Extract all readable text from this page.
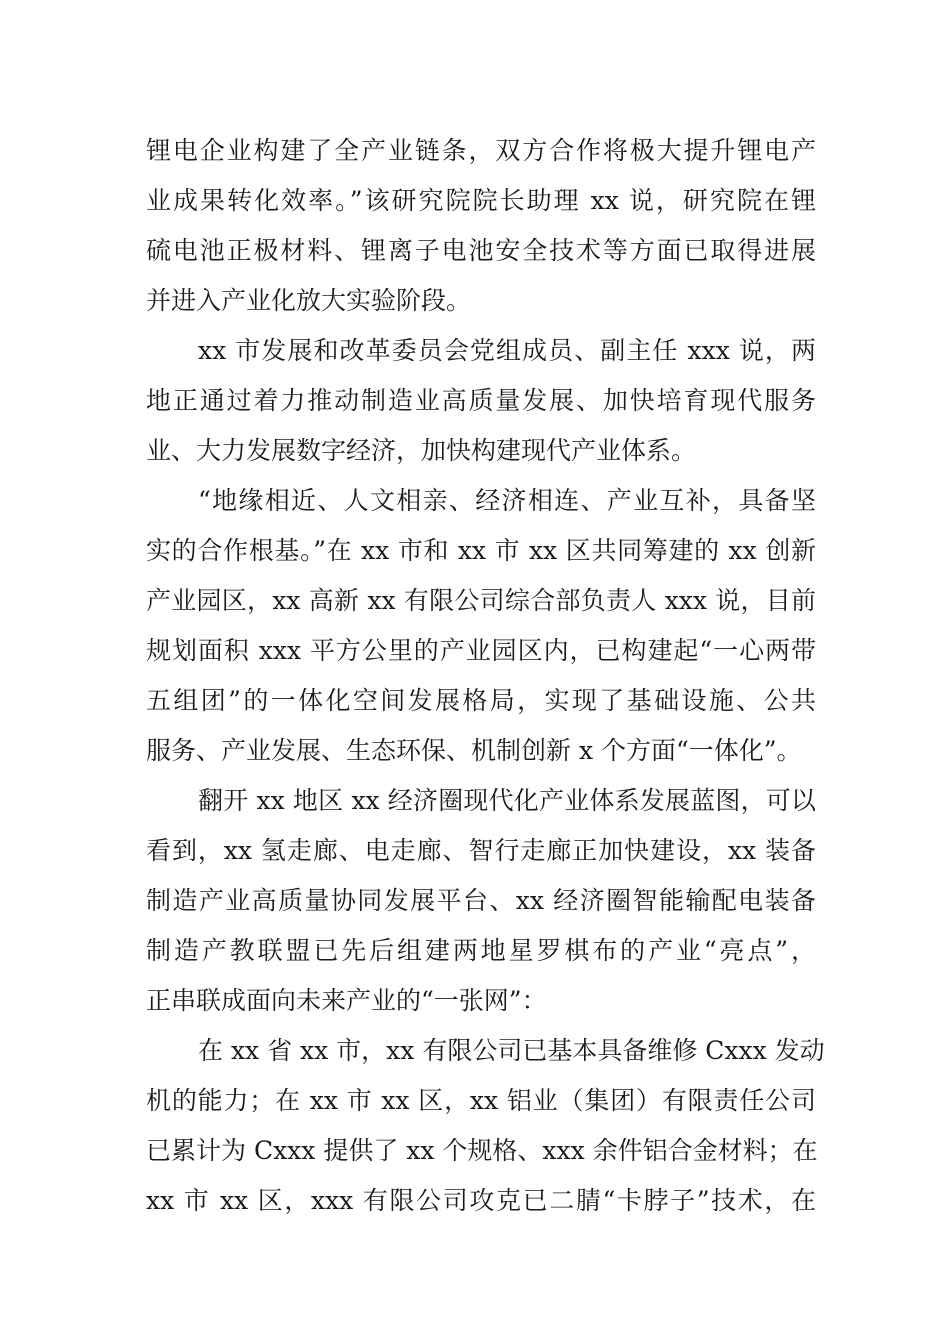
锂电企业构建了全产业链条，双方合作将极大提升锂电产
业成果转化效率。”该研究院院长助理 xx 说，研究院在锂
硫电池正极材料、锂离子电池安全技术等方面已取得进展
并进入产业化放大实验阶段。
xx 市发展和改革委员会党组成员、副主任 xxx 说，两
地正通过着力推动制造业高质量发展、加快培育现代服务
业、大力发展数字经济，加快构建现代产业体系。
“地缘相近、人文相亲、经济相连、产业互补，具备坚
实的合作根基。”在 xx 市和 xx 市 xx 区共同筹建的 xx 创新
产业园区，xx 高新 xx 有限公司综合部负责人 xxx 说，目前
规划面积 xxx 平方公里的产业园区内，已构建起“一心两带
五组团”的一体化空间发展格局，实现了基础设施、公共
服务、产业发展、生态环保、机制创新 x 个方面“一体化”。
翻开 xx 地区 xx 经济圈现代化产业体系发展蓝图，可以
看到，xx 氢走廊、电走廊、智行走廊正加快建设，xx 装备
制造产业高质量协同发展平台、xx 经济圈智能输配电装备
制造产教联盟已先后组建两地星罗棋布的产业“亮点”，
正串联成面向未来产业的“一张网”：
在 xx 省 xx 市，xx 有限公司已基本具备维修 Cxxx 发动
机的能力；在 xx 市 xx 区，xx 铝业（集团）有限责任公司
已累计为 Cxxx 提供了 xx 个规格、xxx 余件铝合金材料；在
xx 市 xx 区，xxx 有限公司攻克已二腈“卡脖子”技术，在
